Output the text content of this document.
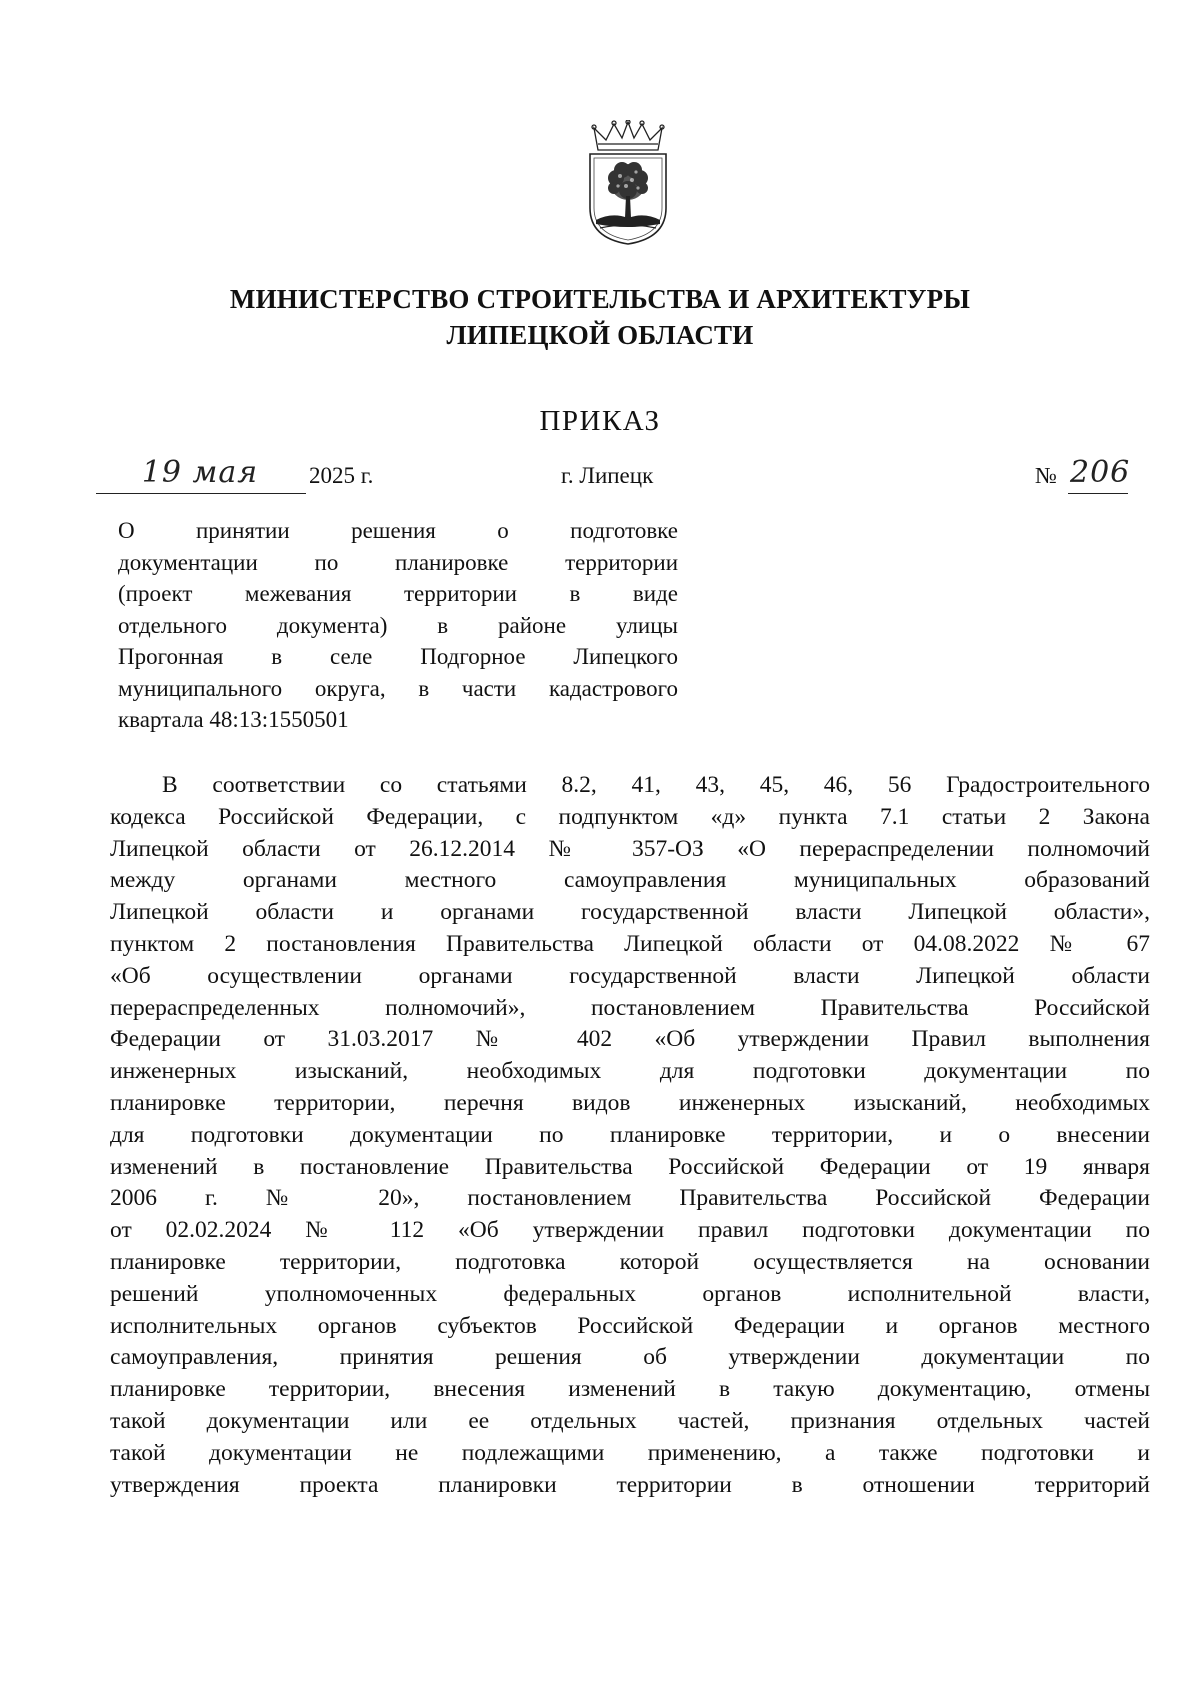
МИНИСТЕРСТВО СТРОИТЕЛЬСТВА И АРХИТЕКТУРЫ
ЛИПЕЦКОЙ ОБЛАСТИ
ПРИКАЗ
19 мая	2025 г.	г. Липецк	№ 206
О принятии решения о подготовке
документации по планировке территории
(проект межевания территории в виде
отдельного документа) в районе улицы
Прогонная в селе Подгорное Липецкого
муниципального округа, в части кадастрового
квартала 48:13:1550501
В соответствии со статьями 8.2, 41, 43, 45, 46, 56 Градостроительного
кодекса Российской Федерации, с подпунктом «д» пункта 7.1 статьи 2 Закона
Липецкой области от 26.12.2014 № 357-ОЗ «О перераспределении полномочий
между органами местного самоуправления муниципальных образований
Липецкой области и органами государственной власти Липецкой области»,
пунктом 2 постановления Правительства Липецкой области от 04.08.2022 № 67
«Об осуществлении органами государственной власти Липецкой области
перераспределенных полномочий», постановлением Правительства Российской
Федерации от 31.03.2017 № 402 «Об утверждении Правил выполнения
инженерных изысканий, необходимых для подготовки документации по
планировке территории, перечня видов инженерных изысканий, необходимых
для подготовки документации по планировке территории, и о внесении
изменений в постановление Правительства Российской Федерации от 19 января
2006 г. № 20», постановлением Правительства Российской Федерации
от 02.02.2024 № 112 «Об утверждении правил подготовки документации по
планировке территории, подготовка которой осуществляется на основании
решений уполномоченных федеральных органов исполнительной власти,
исполнительных органов субъектов Российской Федерации и органов местного
самоуправления, принятия решения об утверждении документации по
планировке территории, внесения изменений в такую документацию, отмены
такой документации или ее отдельных частей, признания отдельных частей
такой документации не подлежащими применению, а также подготовки и
утверждения проекта планировки территории в отношении территорий
